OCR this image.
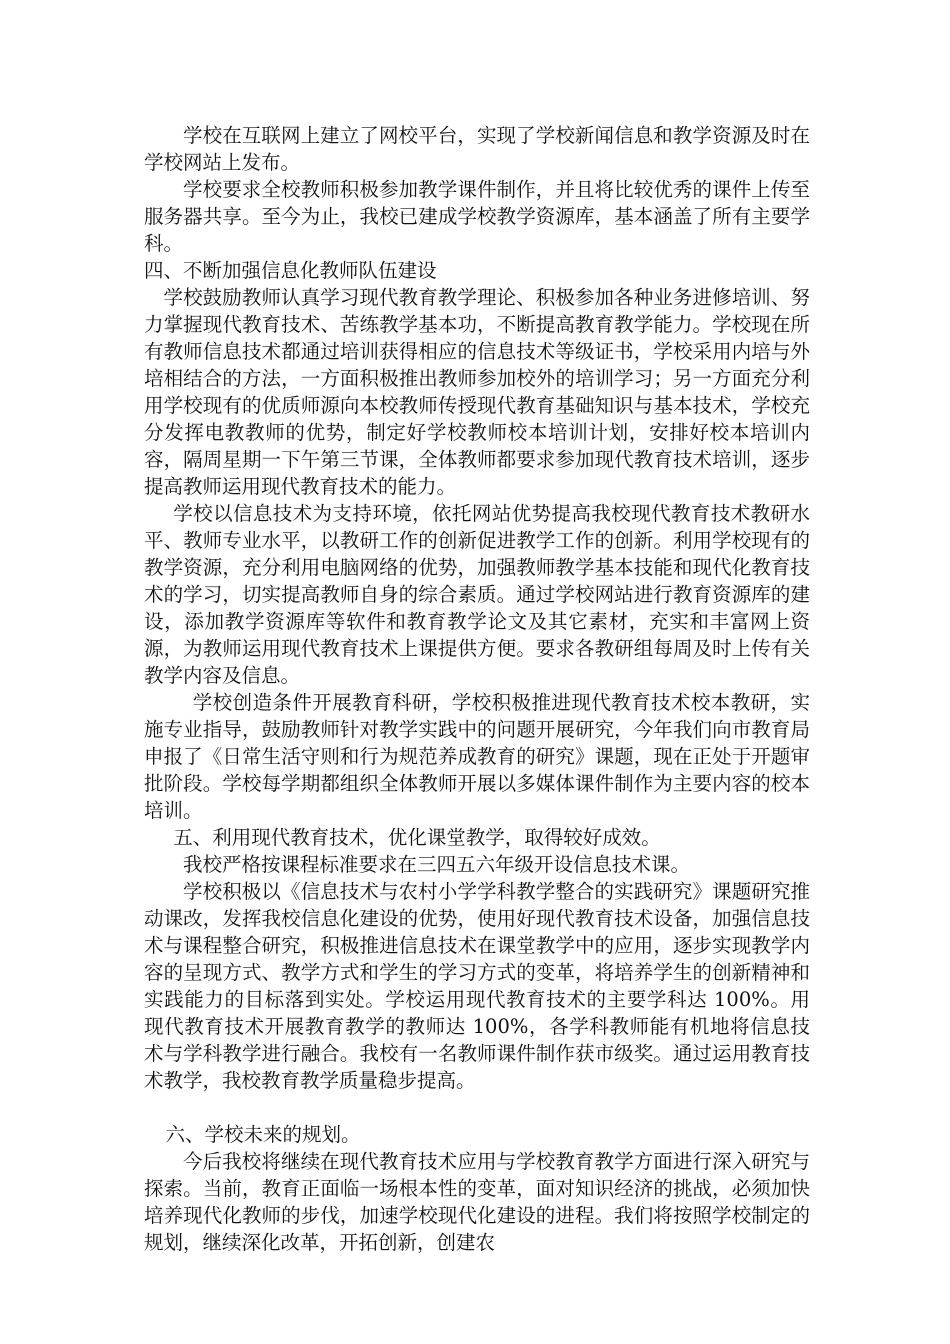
学校在互联网上建立了网校平台，实现了学校新闻信息和教学资源及时在学校网站上发布。

学校要求全校教师积极参加教学课件制作，并且将比较优秀的课件上传至服务器共享。至今为止，我校已建成学校教学资源库，基本涵盖了所有主要学科。

四、不断加强信息化教师队伍建设

学校鼓励教师认真学习现代教育教学理论、积极参加各种业务进修培训、努力掌握现代教育技术、苦练教学基本功，不断提高教育教学能力。学校现在所有教师信息技术都通过培训获得相应的信息技术等级证书，学校采用内培与外培相结合的方法，一方面积极推出教师参加校外的培训学习；另一方面充分利用学校现有的优质师源向本校教师传授现代教育基础知识与基本技术，学校充分发挥电教教师的优势，制定好学校教师校本培训计划，安排好校本培训内容，隔周星期一下午第三节课，全体教师都要求参加现代教育技术培训，逐步提高教师运用现代教育技术的能力。

学校以信息技术为支持环境，依托网站优势提高我校现代教育技术教研水平、教师专业水平，以教研工作的创新促进教学工作的创新。利用学校现有的教学资源，充分利用电脑网络的优势，加强教师教学基本技能和现代化教育技术的学习，切实提高教师自身的综合素质。通过学校网站进行教育资源库的建设，添加教学资源库等软件和教育教学论文及其它素材，充实和丰富网上资源，为教师运用现代教育技术上课提供方便。要求各教研组每周及时上传有关教学内容及信息。

学校创造条件开展教育科研，学校积极推进现代教育技术校本教研，实施专业指导，鼓励教师针对教学实践中的问题开展研究，今年我们向市教育局申报了《日常生活守则和行为规范养成教育的研究》课题，现在正处于开题审批阶段。学校每学期都组织全体教师开展以多媒体课件制作为主要内容的校本培训。

五、利用现代教育技术，优化课堂教学，取得较好成效。

我校严格按课程标准要求在三四五六年级开设信息技术课。

学校积极以《信息技术与农村小学学科教学整合的实践研究》课题研究推动课改，发挥我校信息化建设的优势，使用好现代教育技术设备，加强信息技术与课程整合研究，积极推进信息技术在课堂教学中的应用，逐步实现教学内容的呈现方式、教学方式和学生的学习方式的变革，将培养学生的创新精神和实践能力的目标落到实处。学校运用现代教育技术的主要学科达 100%。用现代教育技术开展教育教学的教师达 100%，各学科教师能有机地将信息技术与学科教学进行融合。我校有一名教师课件制作获市级奖。通过运用教育技术教学，我校教育教学质量稳步提高。

六、学校未来的规划。

今后我校将继续在现代教育技术应用与学校教育教学方面进行深入研究与探索。当前，教育正面临一场根本性的变革，面对知识经济的挑战，必须加快培养现代化教师的步伐，加速学校现代化建设的进程。我们将按照学校制定的规划，继续深化改革，开拓创新，创建农
